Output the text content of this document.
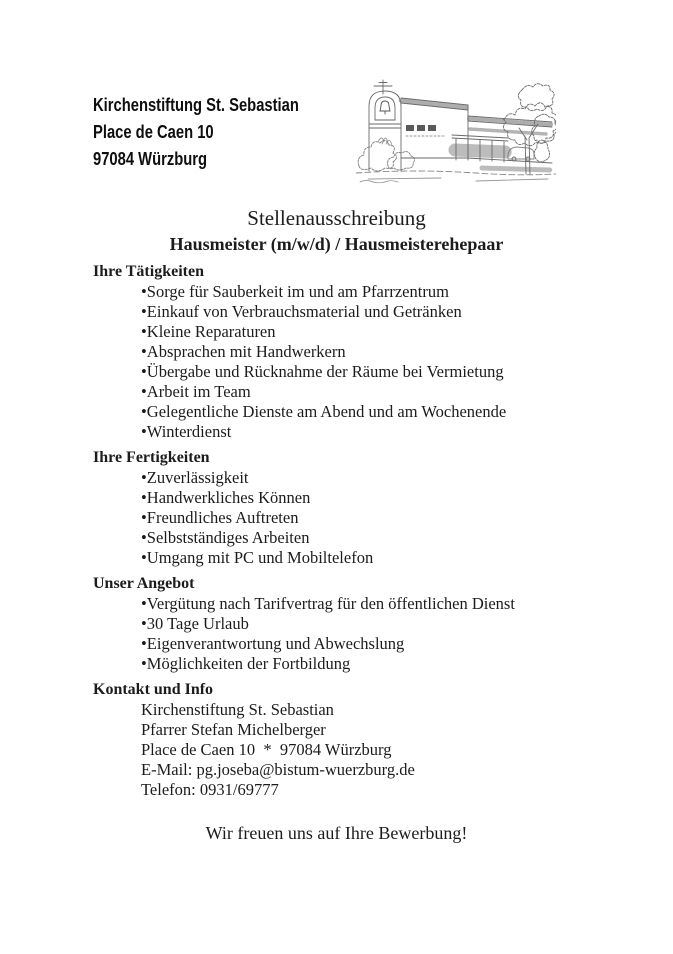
Kirchenstiftung St. Sebastian
Place de Caen 10
97084 Würzburg
Stellenausschreibung
Hausmeister (m/w/d) / Hausmeisterehepaar
Ihre Tätigkeiten
• Sorge für Sauberkeit im und am Pfarrzentrum
• Einkauf von Verbrauchsmaterial und Getränken
• Kleine Reparaturen
• Absprachen mit Handwerkern
• Übergabe und Rücknahme der Räume bei Vermietung
• Arbeit im Team
• Gelegentliche Dienste am Abend und am Wochenende
• Winterdienst
Ihre Fertigkeiten
• Zuverlässigkeit
• Handwerkliches Können
• Freundliches Auftreten
• Selbstständiges Arbeiten
• Umgang mit PC und Mobiltelefon
Unser Angebot
• Vergütung nach Tarifvertrag für den öffentlichen Dienst
• 30 Tage Urlaub
• Eigenverantwortung und Abwechslung
• Möglichkeiten der Fortbildung
Kontakt und Info
Kirchenstiftung St. Sebastian
Pfarrer Stefan Michelberger
Place de Caen 10  *  97084 Würzburg
E-Mail: pg.joseba@bistum-wuerzburg.de
Telefon: 0931/69777
Wir freuen uns auf Ihre Bewerbung!
